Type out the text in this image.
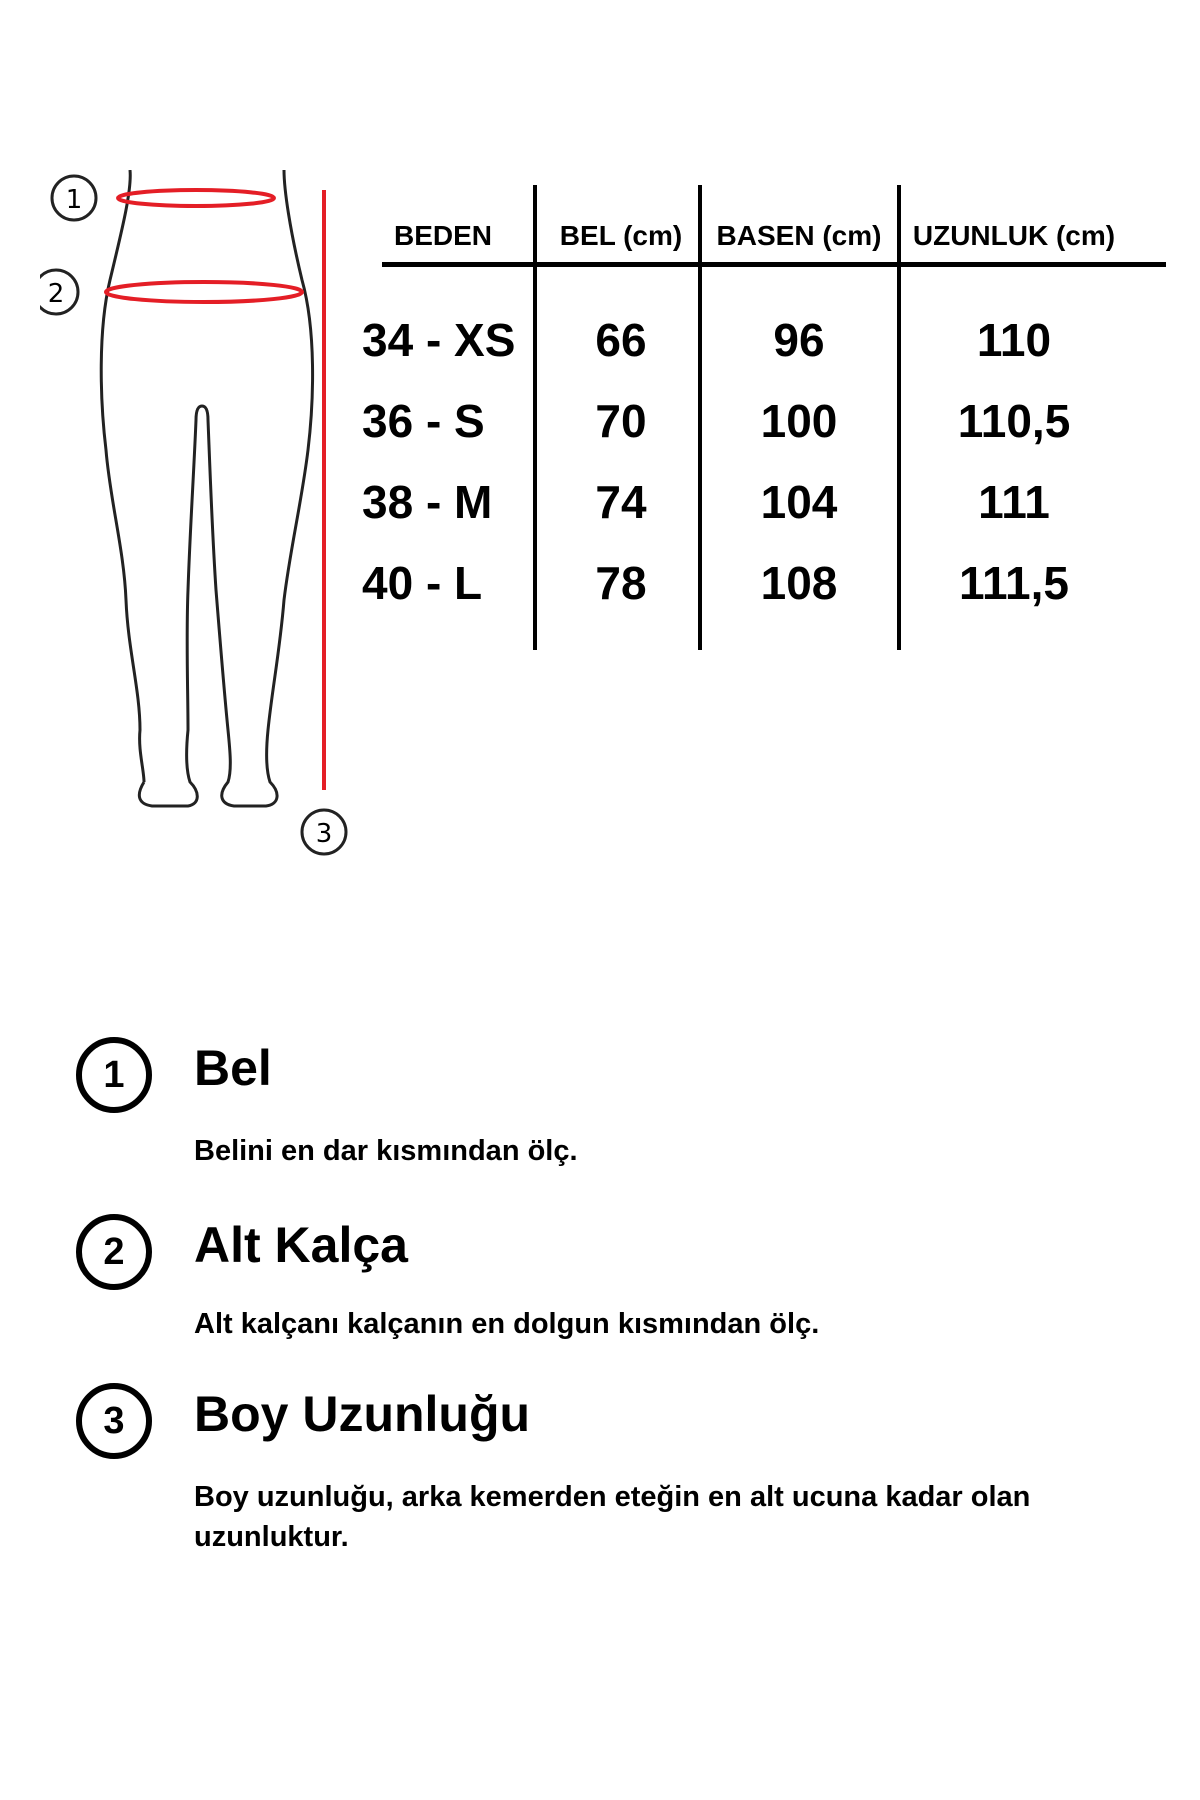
1
2
3
BEDEN	BEL (cm)	BASEN (cm)	UZUNLUK (cm)
34 - XS	66	96	110
36 - S	70	100	110,5
38 - M	74	104	111
40 - L	78	108	111,5
1	Bel
Belini en dar kısmından ölç.
2	Alt Kalça
Alt kalçanı kalçanın en dolgun kısmından ölç.
3	Boy Uzunluğu
Boy uzunluğu, arka kemerden eteğin en alt ucuna kadar olan uzunluktur.
